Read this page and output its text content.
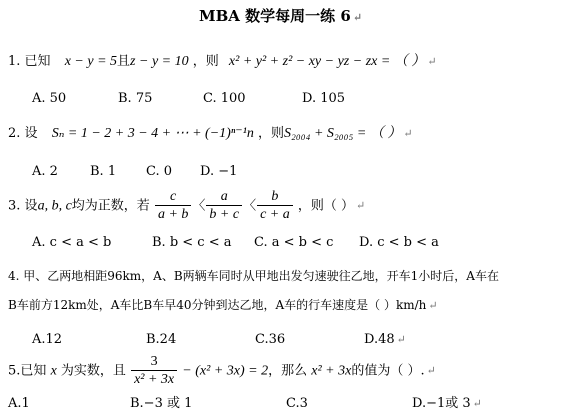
MBA 数学每周一练 6 ↵
1. 已知 x − y = 5且z − y = 10 ，则 x² + y² + z² − xy − yz − zx = （ ） ↵
A. 50	B. 75	C. 100	D. 105
2. 设 Sₙ = 1 − 2 + 3 − 4 + ⋯ + (−1)ⁿ⁻¹n ，则S₂₀₀₄ + S₂₀₀₅ = （ ） ↵
A. 2 B. 1 C. 0 D. −1
3. 设a, b, c均为正数，若 $\frac{c}{a + b}$ 〈 $\frac{a}{b + c}$ 〈 $\frac{b}{c + a}$ ，则（ ） ↵
A. c < a < b	B. b < c < a C. a < b < c D. c < b < a
4. 甲、乙两地相距96km，A、B两辆车同时从甲地出发匀速驶往乙地，开车1小时后，A车在
B车前方12km处，A车比B车早40分钟到达乙地，A车的行车速度是（ ）km/h ↵
A.12	B.24	C.36	D.48 ↵
5.已知 x 为实数，且 $\frac{3}{\text{x² + 3x}} - (x^2 + 3x) = 2$，那么 x² + 3x的值为（ ）. ↵
A.1	B.−3 或 1	C.3	D.−1或 3 ↵
